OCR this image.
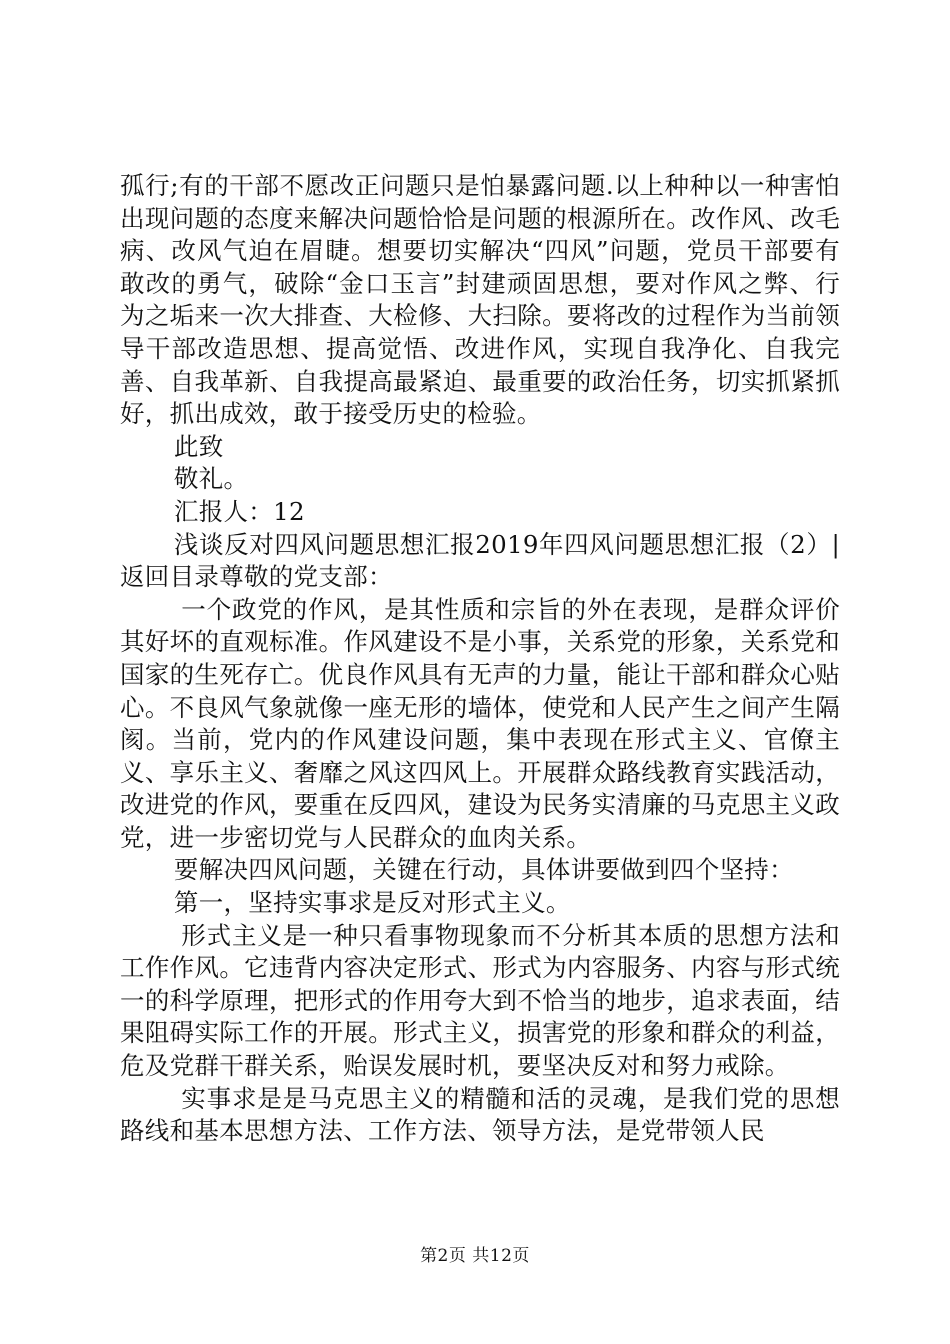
孤行;有的干部不愿改正问题只是怕暴露问题.以上种种以一种害怕出现问题的态度来解决问题恰恰是问题的根源所在。改作风、改毛病、改风气迫在眉睫。想要切实解决“四风”问题，党员干部要有敢改的勇气，破除“金口玉言”封建顽固思想，要对作风之弊、行为之垢来一次大排查、大检修、大扫除。要将改的过程作为当前领导干部改造思想、提高觉悟、改进作风，实现自我净化、自我完善、自我革新、自我提高最紧迫、最重要的政治任务，切实抓紧抓好，抓出成效，敢于接受历史的检验。

此致

敬礼。

汇报人：12

浅谈反对四风问题思想汇报2019年四风问题思想汇报（2）|返回目录尊敬的党支部：

一个政党的作风，是其性质和宗旨的外在表现，是群众评价其好坏的直观标准。作风建设不是小事，关系党的形象，关系党和国家的生死存亡。优良作风具有无声的力量，能让干部和群众心贴心。不良风气象就像一座无形的墙体，使党和人民产生之间产生隔阂。当前，党内的作风建设问题，集中表现在形式主义、官僚主义、享乐主义、奢靡之风这四风上。开展群众路线教育实践活动，改进党的作风，要重在反四风，建设为民务实清廉的马克思主义政党，进一步密切党与人民群众的血肉关系。

要解决四风问题，关键在行动，具体讲要做到四个坚持：

第一，坚持实事求是反对形式主义。

形式主义是一种只看事物现象而不分析其本质的思想方法和工作作风。它违背内容决定形式、形式为内容服务、内容与形式统一的科学原理，把形式的作用夸大到不恰当的地步，追求表面，结果阻碍实际工作的开展。形式主义，损害党的形象和群众的利益，危及党群干群关系，贻误发展时机，要坚决反对和努力戒除。

实事求是是马克思主义的精髓和活的灵魂，是我们党的思想路线和基本思想方法、工作方法、领导方法，是党带领人民

第2页 共12页
